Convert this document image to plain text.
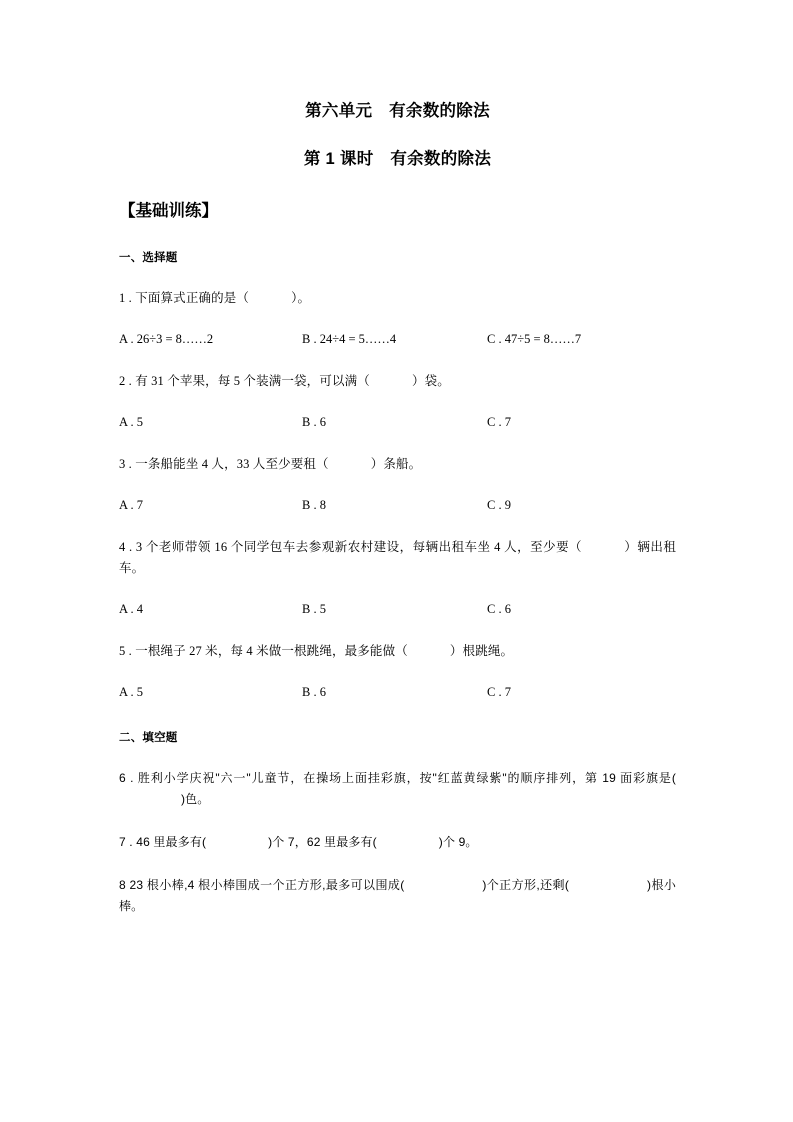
第六单元　有余数的除法
第 1 课时　有余数的除法
【基础训练】
一、选择题

1 . 下面算式正确的是（	）。

A . 26÷3 = 8……2	B . 24÷4 = 5……4	C . 47÷5 = 8……7

2 . 有 31 个苹果，每 5 个装满一袋，可以满（	）袋。

A . 5	B . 6	C . 7

3 . 一条船能坐 4 人，33 人至少要租（	）条船。

A . 7	B . 8	C . 9

4 . 3 个老师带领 16 个同学包车去参观新农村建设，每辆出租车坐 4 人，至少要（	）辆出租车。

A . 4	B . 5	C . 6

5 . 一根绳子 27 米，每 4 米做一根跳绳，最多能做（	）根跳绳。

A . 5	B . 6	C . 7
二、填空题

6 . 胜利小学庆祝"六一"儿童节，在操场上面挂彩旗，按"红蓝黄绿紫"的顺序排列，第 19 面彩旗是()色。

7 . 46 里最多有(	)个 7，62 里最多有(	)个 9。

8 23 根小棒,4 根小棒围成一个正方形,最多可以围成(	)个正方形,还剩(	)根小棒。
